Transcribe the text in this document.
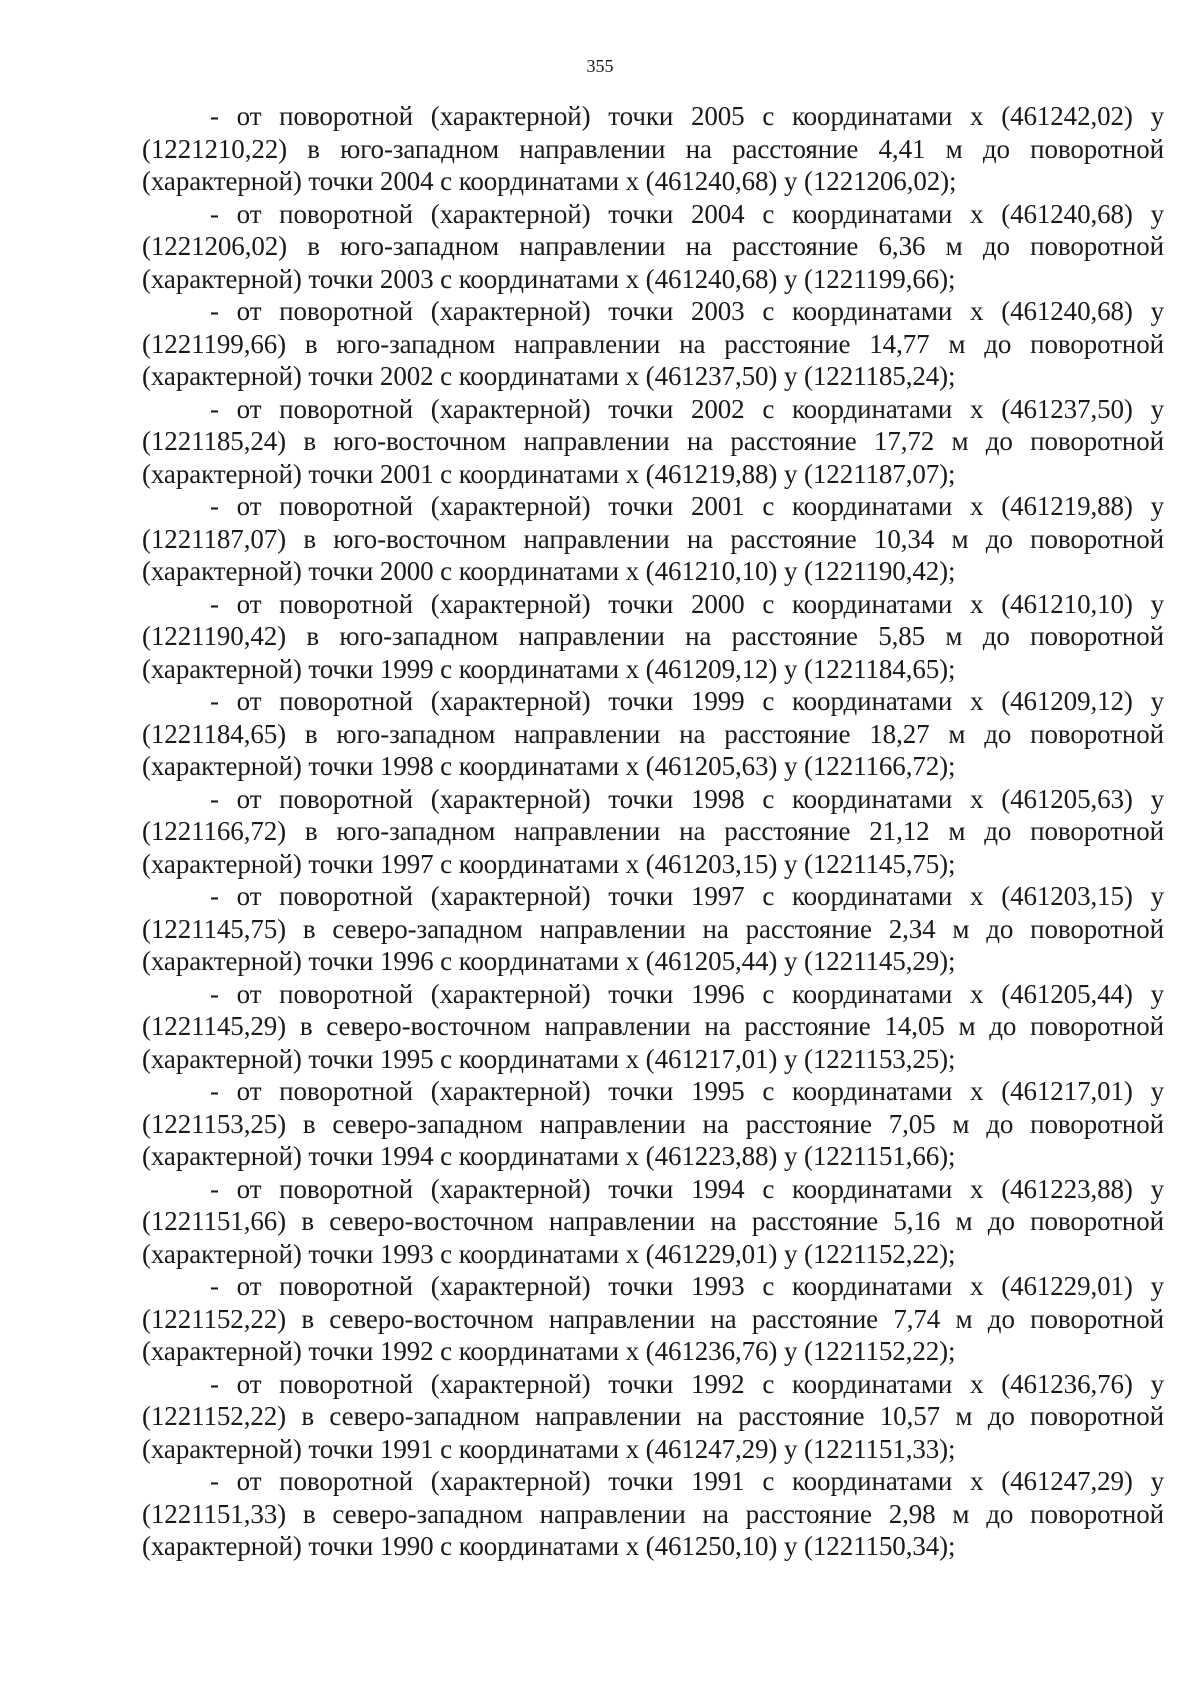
355

- от поворотной (характерной) точки 2005 с координатами x (461242,02) y (1221210,22) в юго-западном направлении на расстояние 4,41 м до поворотной (характерной) точки 2004 с координатами x (461240,68) y (1221206,02);

- от поворотной (характерной) точки 2004 с координатами x (461240,68) y (1221206,02) в юго-западном направлении на расстояние 6,36 м до поворотной (характерной) точки 2003 с координатами x (461240,68) y (1221199,66);

- от поворотной (характерной) точки 2003 с координатами x (461240,68) y (1221199,66) в юго-западном направлении на расстояние 14,77 м до поворотной (характерной) точки 2002 с координатами x (461237,50) y (1221185,24);

- от поворотной (характерной) точки 2002 с координатами x (461237,50) y (1221185,24) в юго-восточном направлении на расстояние 17,72 м до поворотной (характерной) точки 2001 с координатами x (461219,88) y (1221187,07);

- от поворотной (характерной) точки 2001 с координатами x (461219,88) y (1221187,07) в юго-восточном направлении на расстояние 10,34 м до поворотной (характерной) точки 2000 с координатами x (461210,10) y (1221190,42);

- от поворотной (характерной) точки 2000 с координатами x (461210,10) y (1221190,42) в юго-западном направлении на расстояние 5,85 м до поворотной (характерной) точки 1999 с координатами x (461209,12) y (1221184,65);

- от поворотной (характерной) точки 1999 с координатами x (461209,12) y (1221184,65) в юго-западном направлении на расстояние 18,27 м до поворотной (характерной) точки 1998 с координатами x (461205,63) y (1221166,72);

- от поворотной (характерной) точки 1998 с координатами x (461205,63) y (1221166,72) в юго-западном направлении на расстояние 21,12 м до поворотной (характерной) точки 1997 с координатами x (461203,15) y (1221145,75);

- от поворотной (характерной) точки 1997 с координатами x (461203,15) y (1221145,75) в северо-западном направлении на расстояние 2,34 м до поворотной (характерной) точки 1996 с координатами x (461205,44) y (1221145,29);

- от поворотной (характерной) точки 1996 с координатами x (461205,44) y (1221145,29) в северо-восточном направлении на расстояние 14,05 м до поворотной (характерной) точки 1995 с координатами x (461217,01) y (1221153,25);

- от поворотной (характерной) точки 1995 с координатами x (461217,01) y (1221153,25) в северо-западном направлении на расстояние 7,05 м до поворотной (характерной) точки 1994 с координатами x (461223,88) y (1221151,66);

- от поворотной (характерной) точки 1994 с координатами x (461223,88) y (1221151,66) в северо-восточном направлении на расстояние 5,16 м до поворотной (характерной) точки 1993 с координатами x (461229,01) y (1221152,22);

- от поворотной (характерной) точки 1993 с координатами x (461229,01) y (1221152,22) в северо-восточном направлении на расстояние 7,74 м до поворотной (характерной) точки 1992 с координатами x (461236,76) y (1221152,22);

- от поворотной (характерной) точки 1992 с координатами x (461236,76) y (1221152,22) в северо-западном направлении на расстояние 10,57 м до поворотной (характерной) точки 1991 с координатами x (461247,29) y (1221151,33);

- от поворотной (характерной) точки 1991 с координатами x (461247,29) y (1221151,33) в северо-западном направлении на расстояние 2,98 м до поворотной (характерной) точки 1990 с координатами x (461250,10) y (1221150,34);
